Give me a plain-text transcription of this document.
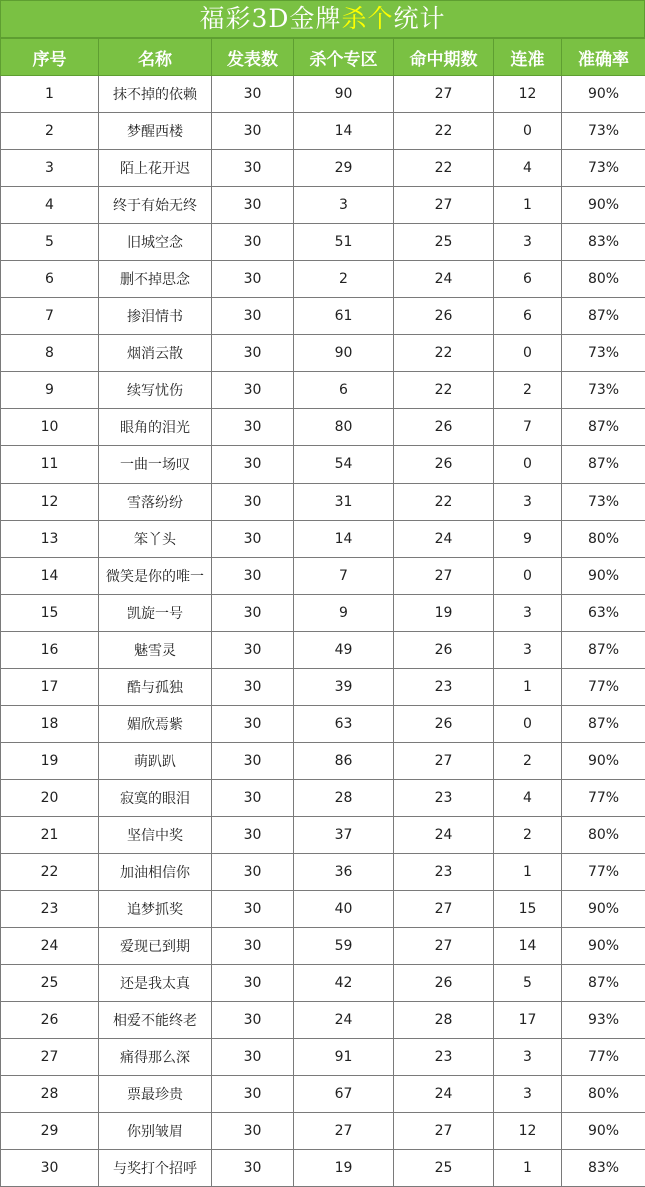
福彩3D金牌杀个统计
序号	名称	发表数	杀个专区	命中期数	连准	准确率
1	抹不掉的依赖	30	90	27	12	90%
2	梦醒西楼	30	14	22	0	73%
3	陌上花开迟	30	29	22	4	73%
4	终于有始无终	30	3	27	1	90%
5	旧城空念	30	51	25	3	83%
6	删不掉思念	30	2	24	6	80%
7	掺泪情书	30	61	26	6	87%
8	烟消云散	30	90	22	0	73%
9	续写忧伤	30	6	22	2	73%
10	眼角的泪光	30	80	26	7	87%
11	一曲一场叹	30	54	26	0	87%
12	雪落纷纷	30	31	22	3	73%
13	笨丫头	30	14	24	9	80%
14	微笑是你的唯一	30	7	27	0	90%
15	凯旋一号	30	9	19	3	63%
16	魅雪灵	30	49	26	3	87%
17	酷与孤独	30	39	23	1	77%
18	媚欣焉紫	30	63	26	0	87%
19	萌趴趴	30	86	27	2	90%
20	寂寞的眼泪	30	28	23	4	77%
21	坚信中奖	30	37	24	2	80%
22	加油相信你	30	36	23	1	77%
23	追梦抓奖	30	40	27	15	90%
24	爱现已到期	30	59	27	14	90%
25	还是我太真	30	42	26	5	87%
26	相爱不能终老	30	24	28	17	93%
27	痛得那么深	30	91	23	3	77%
28	票最珍贵	30	67	24	3	80%
29	你别皱眉	30	27	27	12	90%
30	与奖打个招呼	30	19	25	1	83%
